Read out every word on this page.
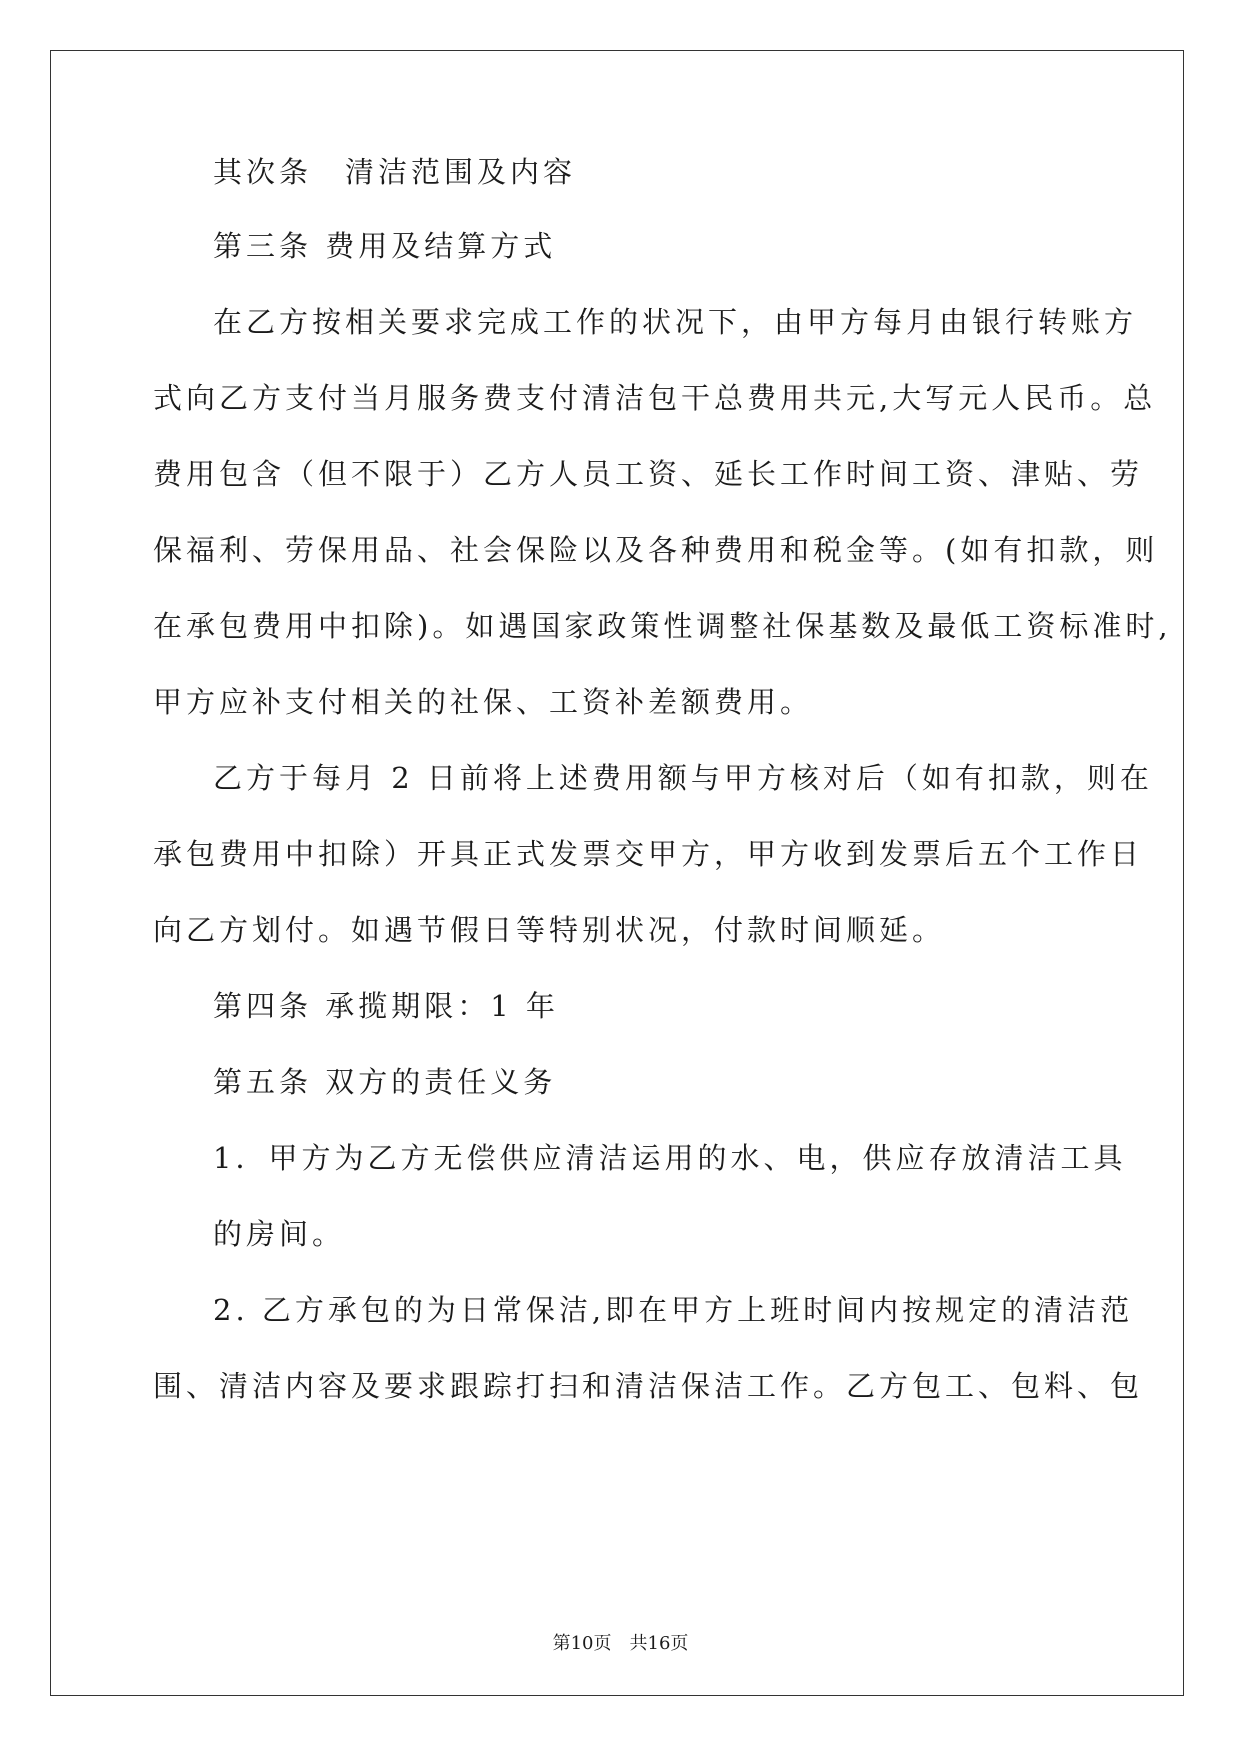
其次条　清洁范围及内容
第三条 费用及结算方式
在乙方按相关要求完成工作的状况下，由甲方每月由银行转账方
式向乙方支付当月服务费支付清洁包干总费用共元,大写元人民币。总
费用包含（但不限于）乙方人员工资、延长工作时间工资、津贴、劳
保福利、劳保用品、社会保险以及各种费用和税金等。(如有扣款，则
在承包费用中扣除)。如遇国家政策性调整社保基数及最低工资标准时,
甲方应补支付相关的社保、工资补差额费用。
乙方于每月 2 日前将上述费用额与甲方核对后（如有扣款，则在
承包费用中扣除）开具正式发票交甲方，甲方收到发票后五个工作日
向乙方划付。如遇节假日等特别状况，付款时间顺延。
第四条 承揽期限：1 年
第五条 双方的责任义务
1．甲方为乙方无偿供应清洁运用的水、电，供应存放清洁工具
的房间。
2. 乙方承包的为日常保洁,即在甲方上班时间内按规定的清洁范
围、清洁内容及要求跟踪打扫和清洁保洁工作。乙方包工、包料、包
第10页　共16页
